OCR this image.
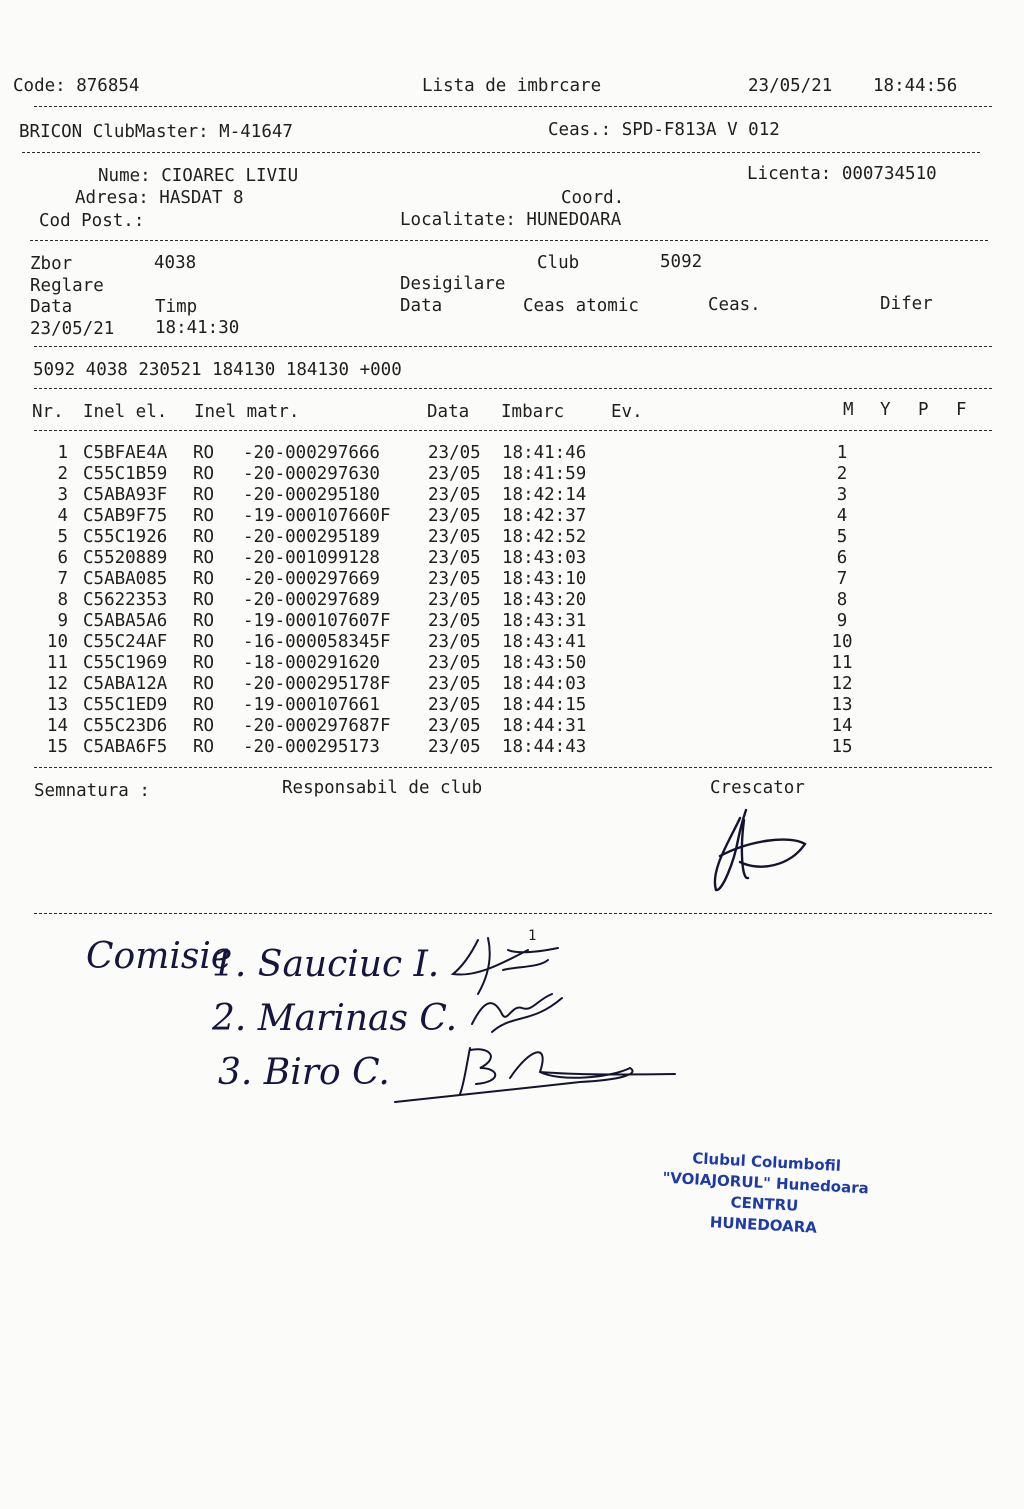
Code: 876854	Lista de imbrcare	23/05/21 18:44:56
BRICON ClubMaster: M-41647	Ceas.: SPD-F813A V 012
Nume: CIOAREC LIVIU	Licenta: 000734510
Adresa: HASDAT 8	Coord.
Cod Post.:	Localitate: HUNEDOARA
Zbor	4038	Club	5092
Reglare	Desigilare
Data	Timp	Data	Ceas atomic	Ceas.	Difer
23/05/21 18:41:30
5092 4038 230521 184130 184130 +000
Nr. Inel el. Inel matr.	Data Imbarc	Ev.	M Y P F
1 C5BFAE4A RO -20-000297666	23/05 18:41:46	1
2 C55C1B59 RO -20-000297630	23/05 18:41:59	2
3 C5ABA93F RO -20-000295180	23/05 18:42:14	3
4 C5AB9F75 RO -19-000107660F 23/05 18:42:37	4
5 C55C1926 RO -20-000295189	23/05 18:42:52	5
6 C5520889 RO -20-001099128	23/05 18:43:03	6
7 C5ABA085 RO -20-000297669	23/05 18:43:10	7
8 C5622353 RO -20-000297689	23/05 18:43:20	8
9 C5ABA5A6 RO -19-000107607F 23/05 18:43:31	9
10 C55C24AF RO -16-000058345F 23/05 18:43:41	10
11 C55C1969 RO -18-000291620	23/05 18:43:50	11
12 C5ABA12A RO -20-000295178F 23/05 18:44:03	12
13 C55C1ED9 RO -19-000107661	23/05 18:44:15	13
14 C55C23D6 RO -20-000297687F 23/05 18:44:31	14
15 C5ABA6F5 RO -20-000295173	23/05 18:44:43	15
Semnatura :	Responsabil de club	Crescator
Comisie
1. Sauciuc I.
2. Marinas C.
3. Biro C.
1
Clubul Columbofil
"VOIAJORUL" Hunedoara
CENTRU
HUNEDOARA
